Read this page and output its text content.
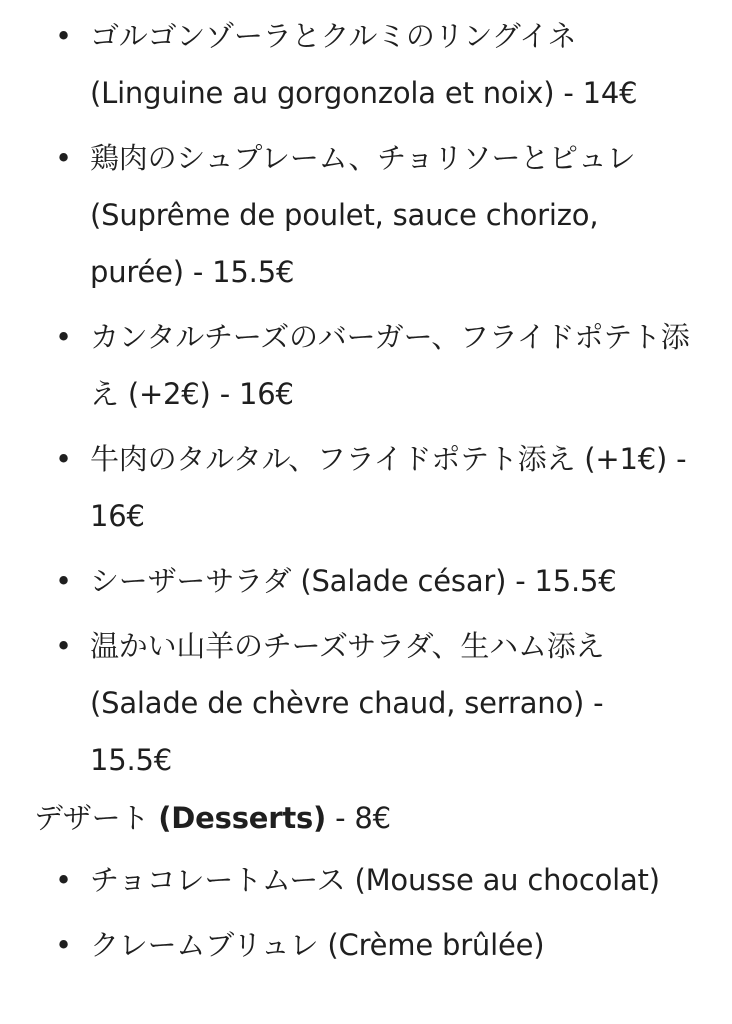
• ゴルゴンゾーラとクルミのリングイネ (Linguine au gorgonzola et noix) - 14€
• 鶏肉のシュプレーム、チョリソーとピュレ (Suprême de poulet, sauce chorizo, purée) - 15.5€
• カンタルチーズのバーガー、フライドポテト添え (+2€) - 16€
• 牛肉のタルタル、フライドポテト添え (+1€) - 16€
• シーザーサラダ (Salade césar) - 15.5€
• 温かい山羊のチーズサラダ、生ハム添え (Salade de chèvre chaud, serrano) - 15.5€
デザート (Desserts) - 8€
• チョコレートムース (Mousse au chocolat)
• クレームブリュレ (Crème brûlée)
